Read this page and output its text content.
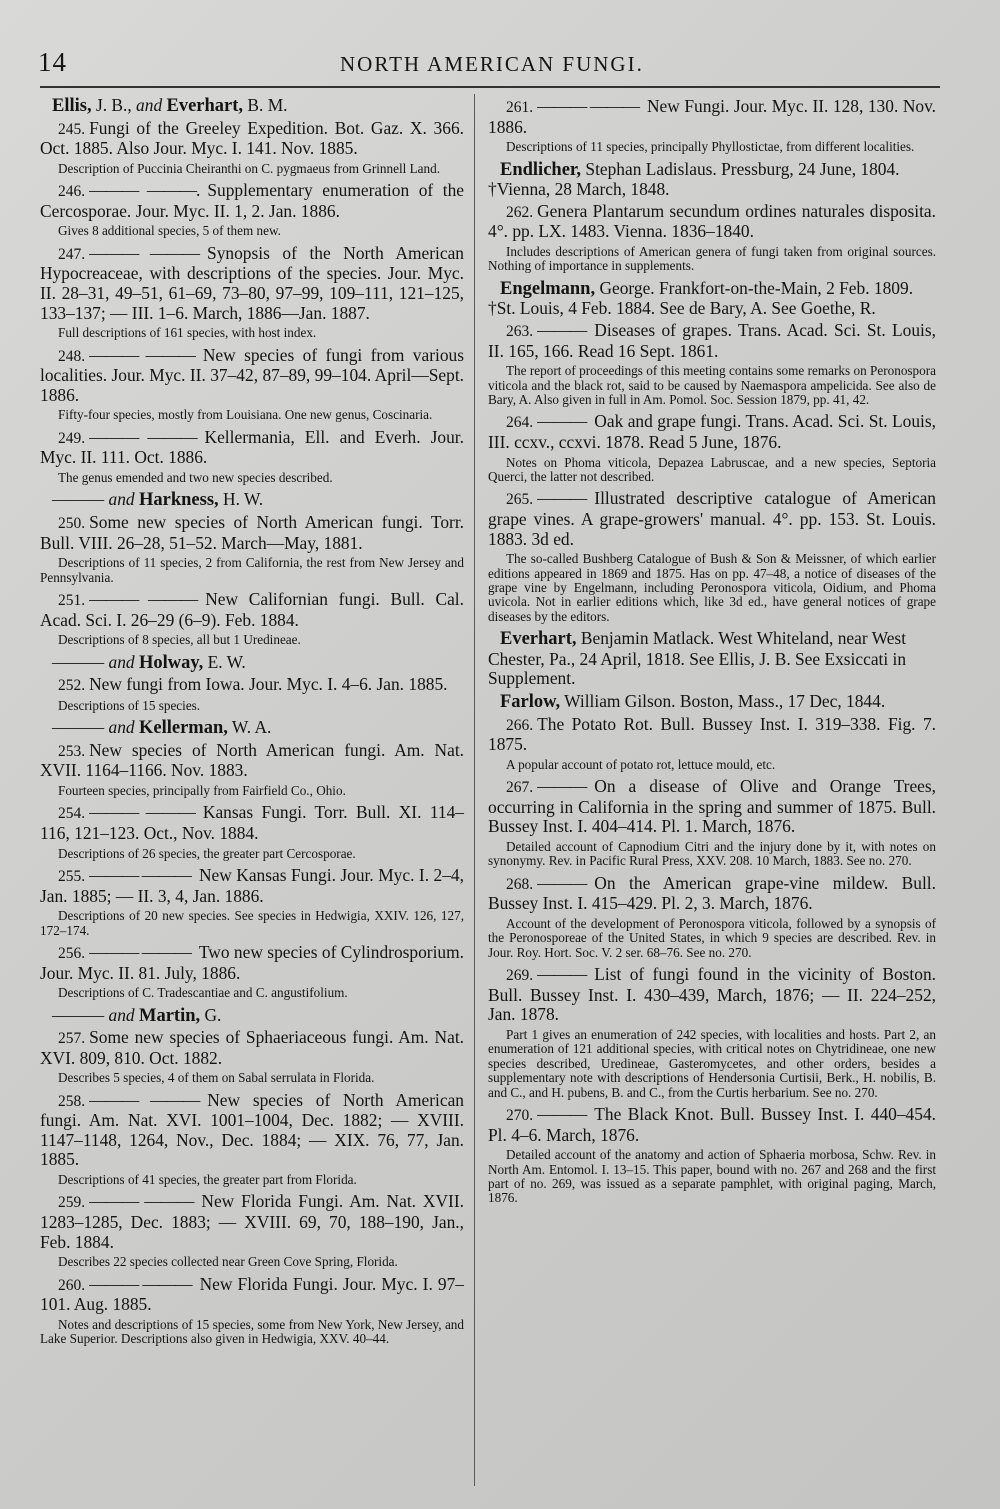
14	NORTH AMERICAN FUNGI.
Ellis, J. B., and Everhart, B. M.
245. Fungi of the Greeley Expedition. Bot. Gaz. X. 366. Oct. 1885. Also Jour. Myc. I. 141. Nov. 1885.
Description of Puccinia Cheiranthi on C. pygmaeus from Grinnell Land.
246. ——— ———. Supplementary enumeration of the Cercosporae. Jour. Myc. II. 1, 2. Jan. 1886.
Gives 8 additional species, 5 of them new.
247. ——— ——— Synopsis of the North American Hypocreaceae, with descriptions of the species. Jour. Myc. II. 28–31, 49–51, 61–69, 73–80, 97–99, 109–111, 121–125, 133–137; — III. 1–6. March, 1886—Jan. 1887.
Full descriptions of 161 species, with host index.
248. ——— ——— New species of fungi from various localities. Jour. Myc. II. 37–42, 87–89, 99–104. April—Sept. 1886.
Fifty-four species, mostly from Louisiana. One new genus, Coscinaria.
249. ——— ——— Kellermania, Ell. and Everh. Jour. Myc. II. 111. Oct. 1886.
The genus emended and two new species described.
——— and Harkness, H. W.
250. Some new species of North American fungi. Torr. Bull. VIII. 26–28, 51–52. March—May, 1881.
Descriptions of 11 species, 2 from California, the rest from New Jersey and Pennsylvania.
251. ——— ——— New Californian fungi. Bull. Cal. Acad. Sci. I. 26–29 (6–9). Feb. 1884.
Descriptions of 8 species, all but 1 Uredineae.
——— and Holway, E. W.
252. New fungi from Iowa. Jour. Myc. I. 4–6. Jan. 1885.
Descriptions of 15 species.
——— and Kellerman, W. A.
253. New species of North American fungi. Am. Nat. XVII. 1164–1166. Nov. 1883.
Fourteen species, principally from Fairfield Co., Ohio.
254. ——— ——— Kansas Fungi. Torr. Bull. XI. 114–116, 121–123. Oct., Nov. 1884.
Descriptions of 26 species, the greater part Cercosporae.
255. ——— ——— New Kansas Fungi. Jour. Myc. I. 2–4, Jan. 1885; — II. 3, 4, Jan. 1886.
Descriptions of 20 new species. See species in Hedwigia, XXIV. 126, 127, 172–174.
256. ——— ——— Two new species of Cylindrosporium. Jour. Myc. II. 81. July, 1886.
Descriptions of C. Tradescantiae and C. angustifolium.
——— and Martin, G.
257. Some new species of Sphaeriaceous fungi. Am. Nat. XVI. 809, 810. Oct. 1882.
Describes 5 species, 4 of them on Sabal serrulata in Florida.
258. ——— ——— New species of North American fungi. Am. Nat. XVI. 1001–1004, Dec. 1882; — XVIII. 1147–1148, 1264, Nov., Dec. 1884; — XIX. 76, 77, Jan. 1885.
Descriptions of 41 species, the greater part from Florida.
259. ——— ——— New Florida Fungi. Am. Nat. XVII. 1283–1285, Dec. 1883; — XVIII. 69, 70, 188–190, Jan., Feb. 1884.
Describes 22 species collected near Green Cove Spring, Florida.
260. ——— ——— New Florida Fungi. Jour. Myc. I. 97–101. Aug. 1885.
Notes and descriptions of 15 species, some from New York, New Jersey, and Lake Superior. Descriptions also given in Hedwigia, XXV. 40–44.
261. ——— ——— New Fungi. Jour. Myc. II. 128, 130. Nov. 1886.
Descriptions of 11 species, principally Phyllostictae, from different localities.
Endlicher, Stephan Ladislaus. Pressburg, 24 June, 1804. †Vienna, 28 March, 1848.
262. Genera Plantarum secundum ordines naturales disposita. 4°. pp. LX. 1483. Vienna. 1836–1840.
Includes descriptions of American genera of fungi taken from original sources. Nothing of importance in supplements.
Engelmann, George. Frankfort-on-the-Main, 2 Feb. 1809. †St. Louis, 4 Feb. 1884. See de Bary, A. See Goethe, R.
263. ——— Diseases of grapes. Trans. Acad. Sci. St. Louis, II. 165, 166. Read 16 Sept. 1861.
The report of proceedings of this meeting contains some remarks on Peronospora viticola and the black rot, said to be caused by Naemaspora ampelicida. See also de Bary, A. Also given in full in Am. Pomol. Soc. Session 1879, pp. 41, 42.
264. ——— Oak and grape fungi. Trans. Acad. Sci. St. Louis, III. ccxv., ccxvi. 1878. Read 5 June, 1876.
Notes on Phoma viticola, Depazea Labruscae, and a new species, Septoria Querci, the latter not described.
265. ——— Illustrated descriptive catalogue of American grape vines. A grape-growers' manual. 4°. pp. 153. St. Louis. 1883. 3d ed.
The so-called Bushberg Catalogue of Bush & Son & Meissner, of which earlier editions appeared in 1869 and 1875. Has on pp. 47–48, a notice of diseases of the grape vine by Engelmann, including Peronospora viticola, Oidium, and Phoma uvicola. Not in earlier editions which, like 3d ed., have general notices of grape diseases by the editors.
Everhart, Benjamin Matlack. West Whiteland, near West Chester, Pa., 24 April, 1818. See Ellis, J. B. See Exsiccati in Supplement.
Farlow, William Gilson. Boston, Mass., 17 Dec, 1844.
266. The Potato Rot. Bull. Bussey Inst. I. 319–338. Fig. 7. 1875.
A popular account of potato rot, lettuce mould, etc.
267. ——— On a disease of Olive and Orange Trees, occurring in California in the spring and summer of 1875. Bull. Bussey Inst. I. 404–414. Pl. 1. March, 1876.
Detailed account of Capnodium Citri and the injury done by it, with notes on synonymy. Rev. in Pacific Rural Press, XXV. 208. 10 March, 1883. See no. 270.
268. ——— On the American grape-vine mildew. Bull. Bussey Inst. I. 415–429. Pl. 2, 3. March, 1876.
Account of the development of Peronospora viticola, followed by a synopsis of the Peronosporeae of the United States, in which 9 species are described. Rev. in Jour. Roy. Hort. Soc. V. 2 ser. 68–76. See no. 270.
269. ——— List of fungi found in the vicinity of Boston. Bull. Bussey Inst. I. 430–439, March, 1876; — II. 224–252, Jan. 1878.
Part 1 gives an enumeration of 242 species, with localities and hosts. Part 2, an enumeration of 121 additional species, with critical notes on Chytridineae, one new species described, Uredineae, Gasteromycetes, and other orders, besides a supplementary note with descriptions of Hendersonia Curtisii, Berk., H. nobilis, B. and C., and H. pubens, B. and C., from the Curtis herbarium. See no. 270.
270. ——— The Black Knot. Bull. Bussey Inst. I. 440–454. Pl. 4–6. March, 1876.
Detailed account of the anatomy and action of Sphaeria morbosa, Schw. Rev. in North Am. Entomol. I. 13–15. This paper, bound with no. 267 and 268 and the first part of no. 269, was issued as a separate pamphlet, with original paging, March, 1876.
